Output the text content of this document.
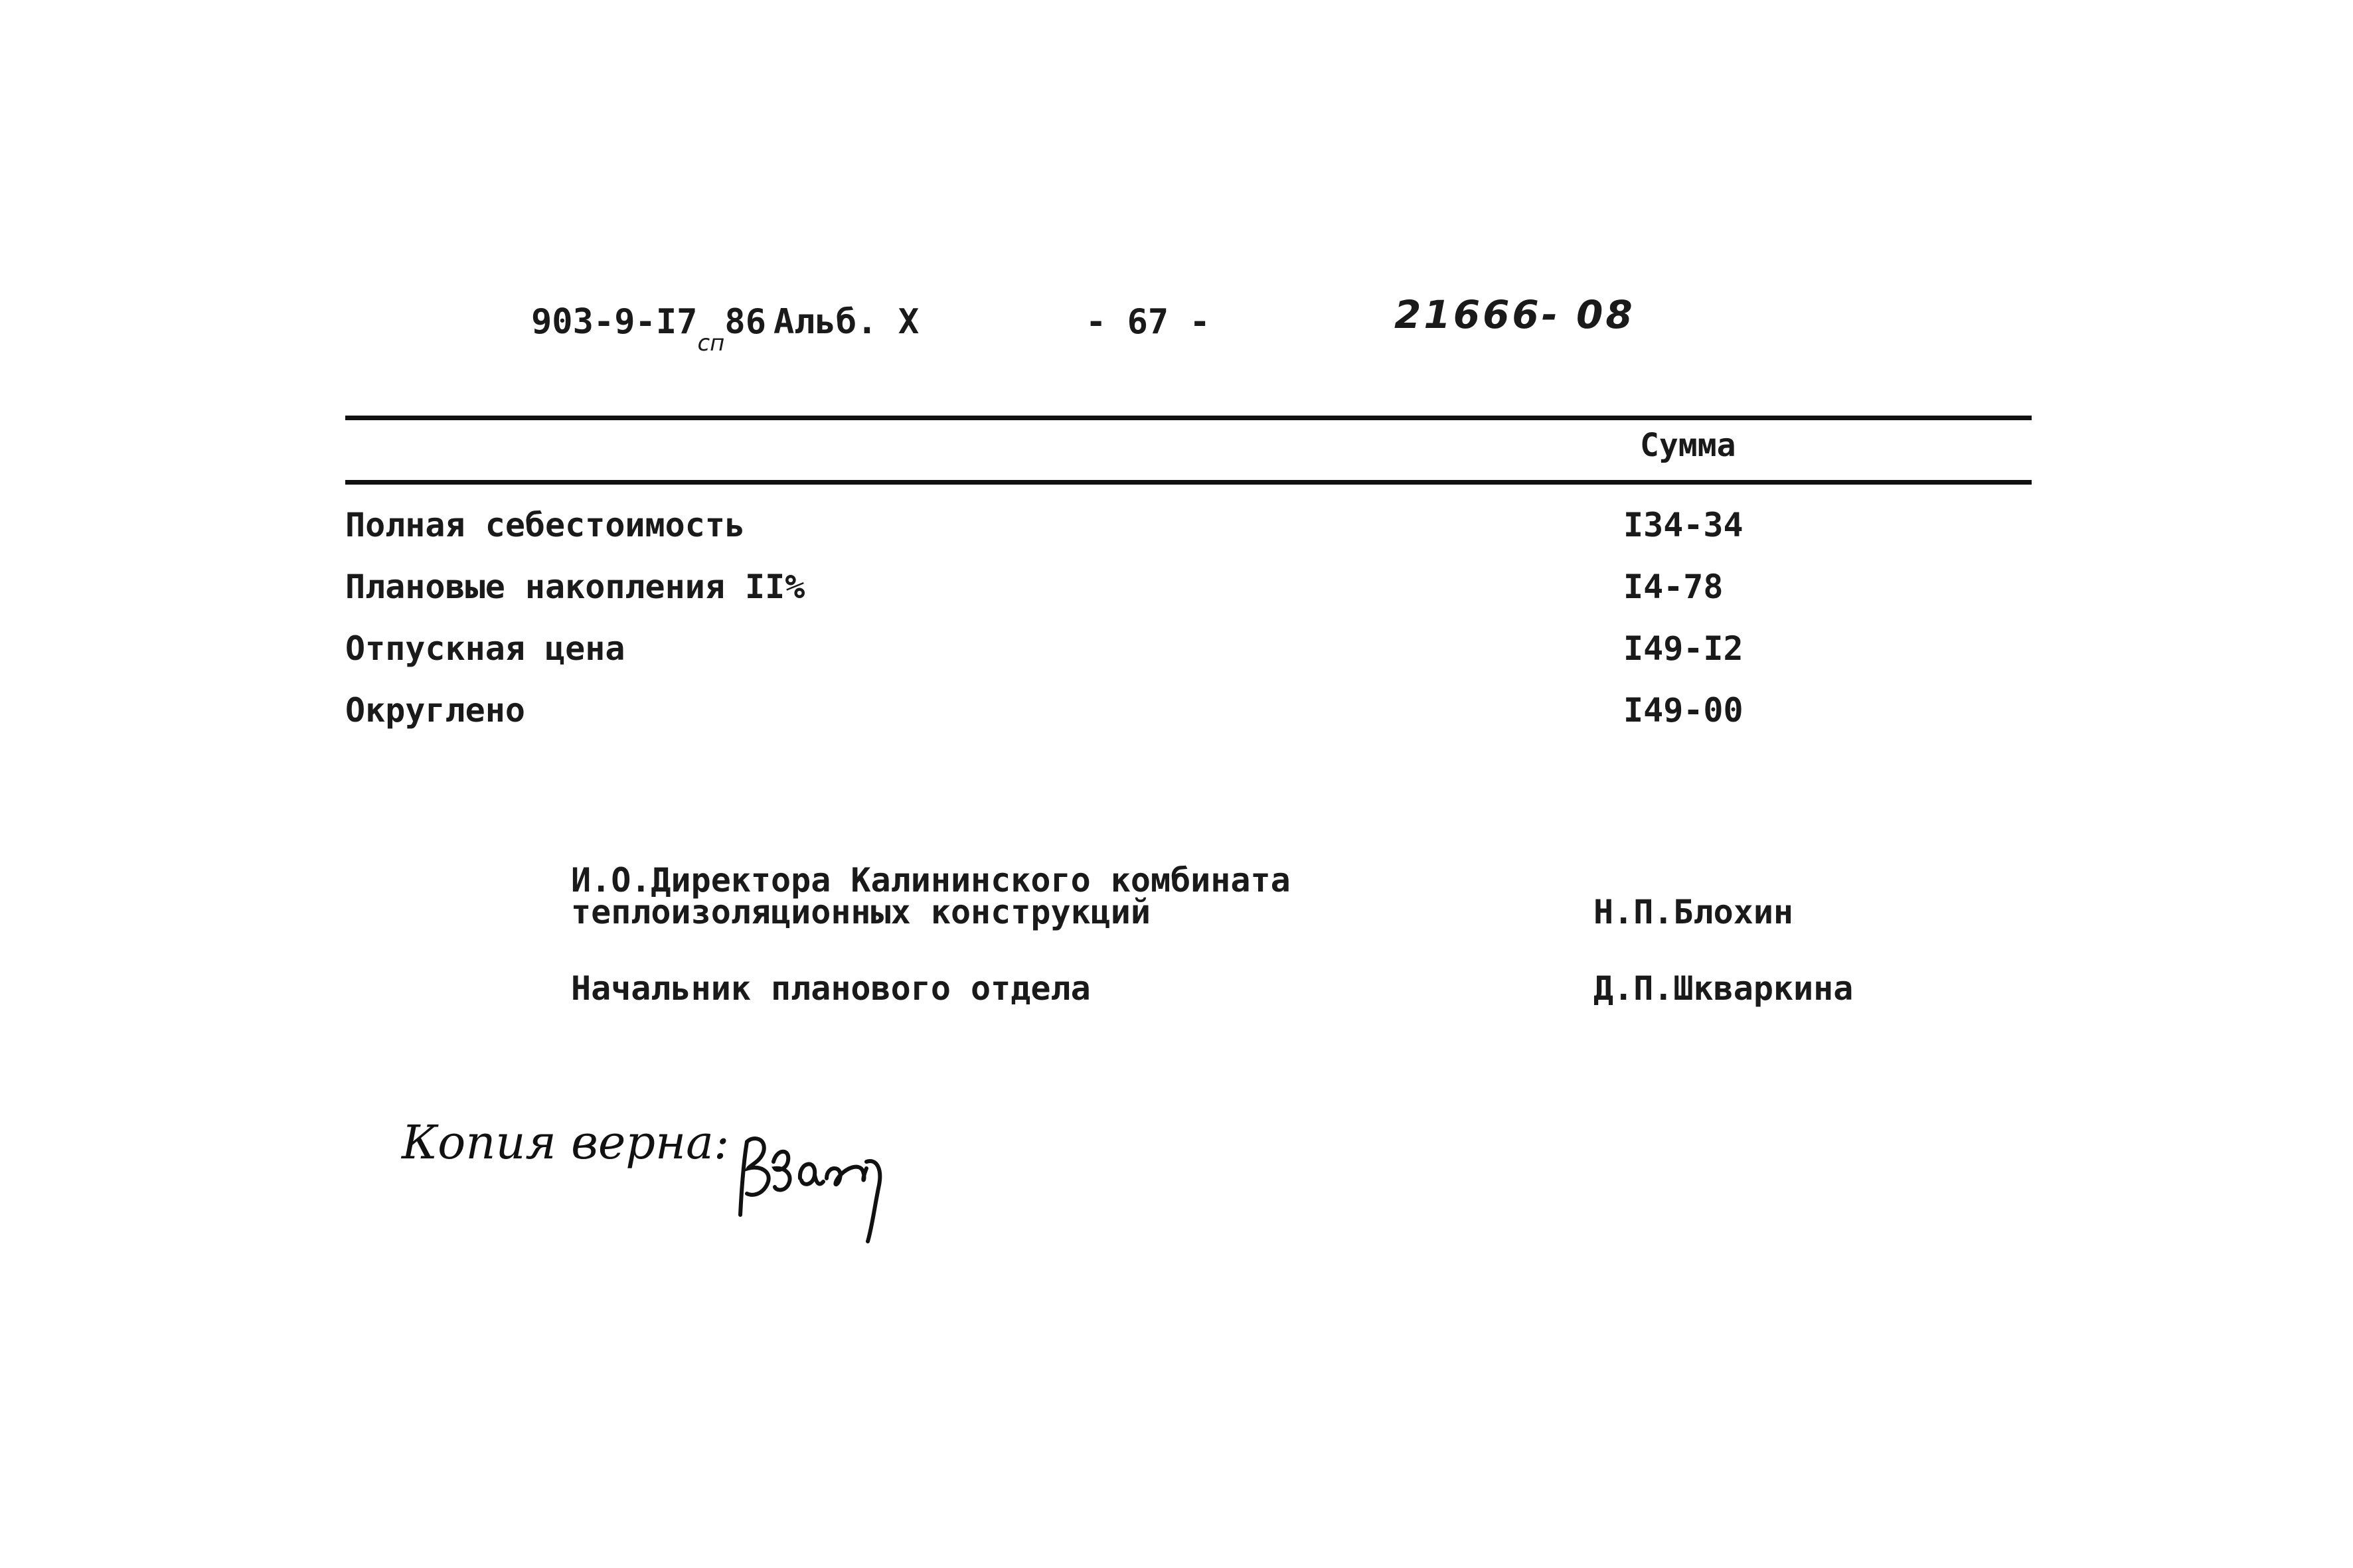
$903-9-I7_{сп}86$ Альб. X	- 67 -	21666- 08
Сумма
Полная себестоимость	I34-34
Плановые накопления II%	I4-78
Отпускная цена	I49-I2
Округлено	I49-00
И.О.Директора Калининского комбината
теплоизоляционных конструкций	Н.П.Блохин
Начальник планового отдела	Д.П.Шкваркина
Копия верна:
